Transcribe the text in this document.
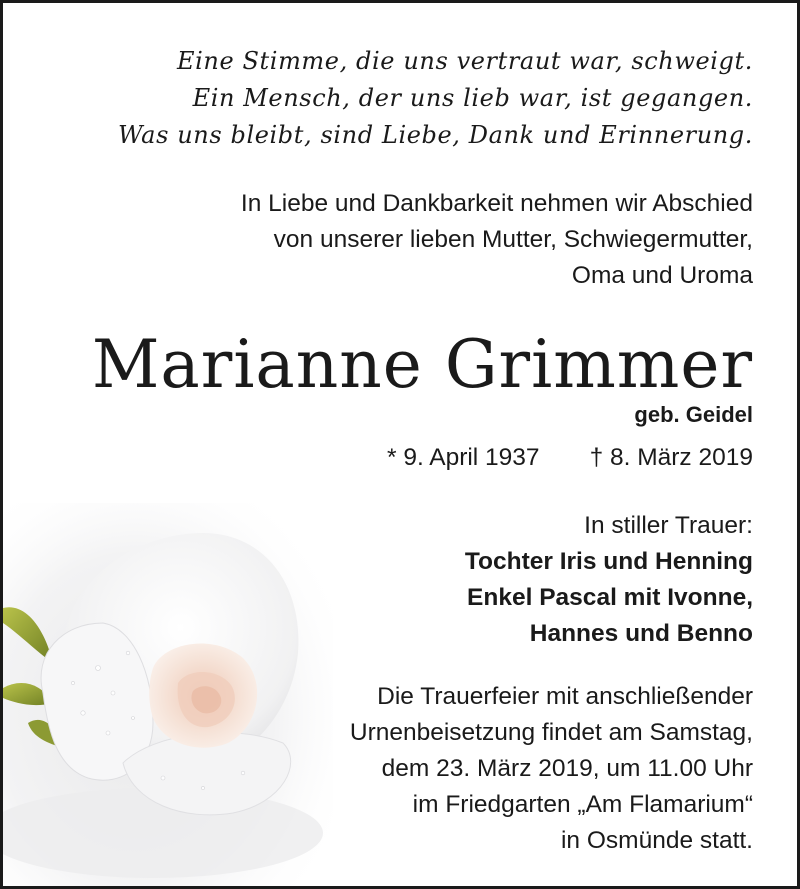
Eine Stimme, die uns vertraut war, schweigt.
Ein Mensch, der uns lieb war, ist gegangen.
Was uns bleibt, sind Liebe, Dank und Erinnerung.
In Liebe und Dankbarkeit nehmen wir Abschied
von unserer lieben Mutter, Schwiegermutter,
Oma und Uroma
Marianne Grimmer
geb. Geidel
* 9. April 1937 † 8. März 2019
In stiller Trauer:
Tochter Iris und Henning
Enkel Pascal mit Ivonne,
Hannes und Benno
Die Trauerfeier mit anschließender
Urnenbeisetzung findet am Samstag,
dem 23. März 2019, um 11.00 Uhr
im Friedgarten „Am Flamarium“
in Osmünde statt.
